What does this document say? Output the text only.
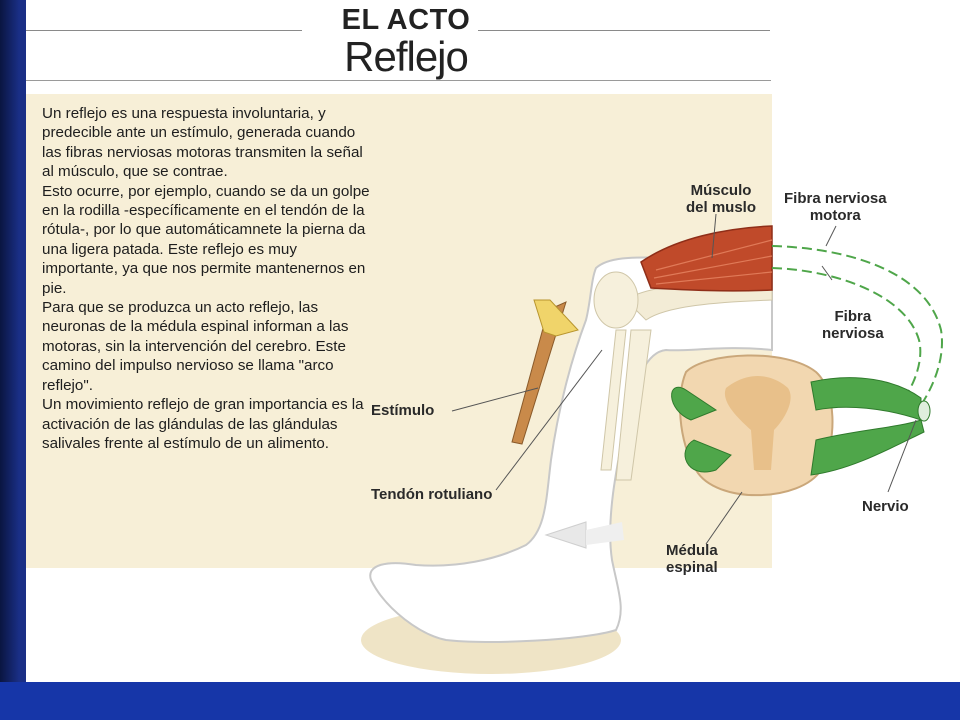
EL ACTO
Reflejo

Un reflejo es una respuesta involuntaria, y predecible ante un estímulo, generada cuando las fibras nerviosas motoras transmiten la señal al músculo, que se contrae.

Esto ocurre, por ejemplo, cuando se da un golpe en la rodilla -específicamente en el tendón de la rótula-, por lo que automáticamnete la pierna da una ligera patada. Este reflejo es muy importante, ya que nos permite mantenernos en pie.

Para que se produzca un acto reflejo, las neuronas de la médula espinal informan a las motoras, sin la intervención del cerebro. Este camino del impulso nervioso se llama "arco reflejo".

Un movimiento reflejo de gran importancia es la activación de las glándulas de las glándulas salivales frente al estímulo de un alimento.

Músculo
del muslo
Fibra nerviosa
motora
Fibra
nerviosa
Estímulo
Tendón rotuliano
Nervio
Médula
espinal
